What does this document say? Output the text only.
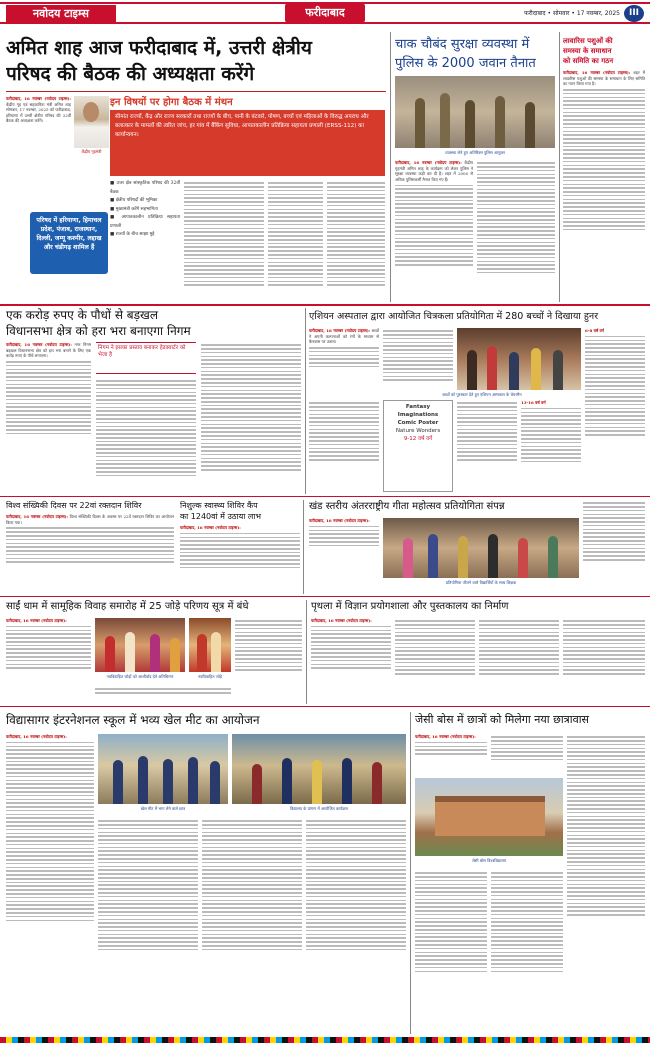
नवोदय टाइम्स	फरीदाबाद	फरीदाबाद • सोमवार • 17 नवम्बर, 2025 III
अमित शाह आज फरीदाबाद में, उत्तरी क्षेत्रीय
परिषद की बैठक की अध्यक्षता करेंगे
फरीदाबाद, 16 नवम्बर (नवोदय टाइम्स): केंद्रीय गृह एवं सहकारिता मंत्री अमित शाह सोमवार, 17 नवम्बर, 2025 को फरीदाबाद, हरियाणा में उत्तरी क्षेत्रीय परिषद की 32वीं बैठक की अध्यक्षता करेंगे।
केंद्रीय गृहमंत्री
परिषद में हरियाणा, हिमाचल प्रदेश, पंजाब, राजस्थान, दिल्ली, जम्मू कश्मीर, लद्दाख और चंडीगढ़ शामिल हैं
इन विषयों पर होगा बैठक में मंथन
सीमांत राज्यों, केंद्र और राज्य सरकारों तथा राज्यों के बीच, पानी के बंटवारे, पोषण, बच्चों एवं महिलाओं के विरुद्ध अपराध और बलात्कार के मामलों की त्वरित जांच, हर गांव में बैंकिंग सुविधा, आपातकालीन प्रतिक्रिया सहायता प्रणाली (ERSS-112) का कार्यान्वयन।
■ उत्तर क्षेत्र सांस्कृतिक परिषद की 32वीं बैठक
■ क्षेत्रीय परिषदों की भूमिका
■ मुख्यमंत्री करेंगे सहभागिता
■ आपातकालीन प्रतिक्रिया सहायता प्रणाली
■ राज्यों के बीच साझा मुद्दे
चाक चौबंद सुरक्षा व्यवस्था में
पुलिस के 2000 जवान तैनात
व्यवस्था लेते हुए अतिरिक्त पुलिस आयुक्त
फरीदाबाद, 16 नवम्बर (नवोदय टाइम्स): केंद्रीय गृहमंत्री अमित शाह के कार्यक्रम को लेकर पुलिस ने सुरक्षा व्यवस्था कड़ी कर दी है। शहर में 2000 से अधिक पुलिसकर्मी तैनात किए गए हैं।
लावारिस पशुओं की
समस्या के समाधान
को समिति का गठन
फरीदाबाद, 16 नवम्बर (नवोदय टाइम्स): शहर में लावारिस पशुओं की समस्या के समाधान के लिए समिति का गठन किया गया है।
एक करोड़ रुपए के पौधों से बड़खल
विधानसभा क्षेत्र को हरा भरा बनाएगा निगम
फरीदाबाद, 16 नवम्बर (नवोदय टाइम्स): नगर निगम बड़खल विधानसभा क्षेत्र को हरा भरा बनाने के लिए एक करोड़ रुपए के पौधे लगाएगा।
निगम ने इसका प्रस्ताव बनाकर हेडक्वार्टर को भेजा है
एशियन अस्पताल द्वारा आयोजित चित्रकला प्रतियोगिता में 280 बच्चों ने दिखाया हुनर
फरीदाबाद, 16 नवम्बर (नवोदय टाइम्स): बच्चों ने अपनी कल्पनाओं को रंगों के माध्यम से कैनवास पर उतारा।
बच्चों को पुरस्कार देते हुए एशियन अस्पताल के चेयरमैन
6-8 वर्ष वर्ग
Fantasy Imaginations
Comic Poster
Nature Wonders
9-12 वर्ष वर्ग
13-16 वर्ष वर्ग
विश्व संख्यिकी दिवस पर 22वां रक्तदान शिविर
फरीदाबाद, 16 नवम्बर (नवोदय टाइम्स): विश्व संख्यिकी दिवस के अवसर पर 22वें रक्तदान शिविर का आयोजन किया गया।
निशुल्क स्वास्थ्य शिविर कैंप
का 1240वां में उठाया लाभ
फरीदाबाद, 16 नवम्बर (नवोदय टाइम्स):
खंड स्तरीय अंतरराष्ट्रीय गीता महोत्सव प्रतियोगिता संपन्न
फरीदाबाद, 16 नवम्बर (नवोदय टाइम्स):
प्रतियोगिता जीतने वाले विद्यार्थियों के साथ शिक्षक
साईं धाम में सामूहिक विवाह समारोह में 25 जोड़े परिणय सूत्र में बंधे
फरीदाबाद, 16 नवम्बर (नवोदय टाइम्स):
नवविवाहित जोड़ों को आशीर्वाद देते अतिथिगण	नवविवाहित जोड़े
पृथला में विज्ञान प्रयोगशाला और पुस्तकालय का निर्माण
फरीदाबाद, 16 नवम्बर (नवोदय टाइम्स):
विद्यासागर इंटरनेशनल स्कूल में भव्य खेल मीट का आयोजन
फरीदाबाद, 16 नवम्बर (नवोदय टाइम्स):
खेल मीट में भाग लेने वाले छात्र	विद्यालय के प्रांगण में आयोजित कार्यक्रम
जेसी बोस में छात्रों को मिलेगा नया छात्रावास
फरीदाबाद, 16 नवम्बर (नवोदय टाइम्स):
जेसी बोस विश्वविद्यालय
